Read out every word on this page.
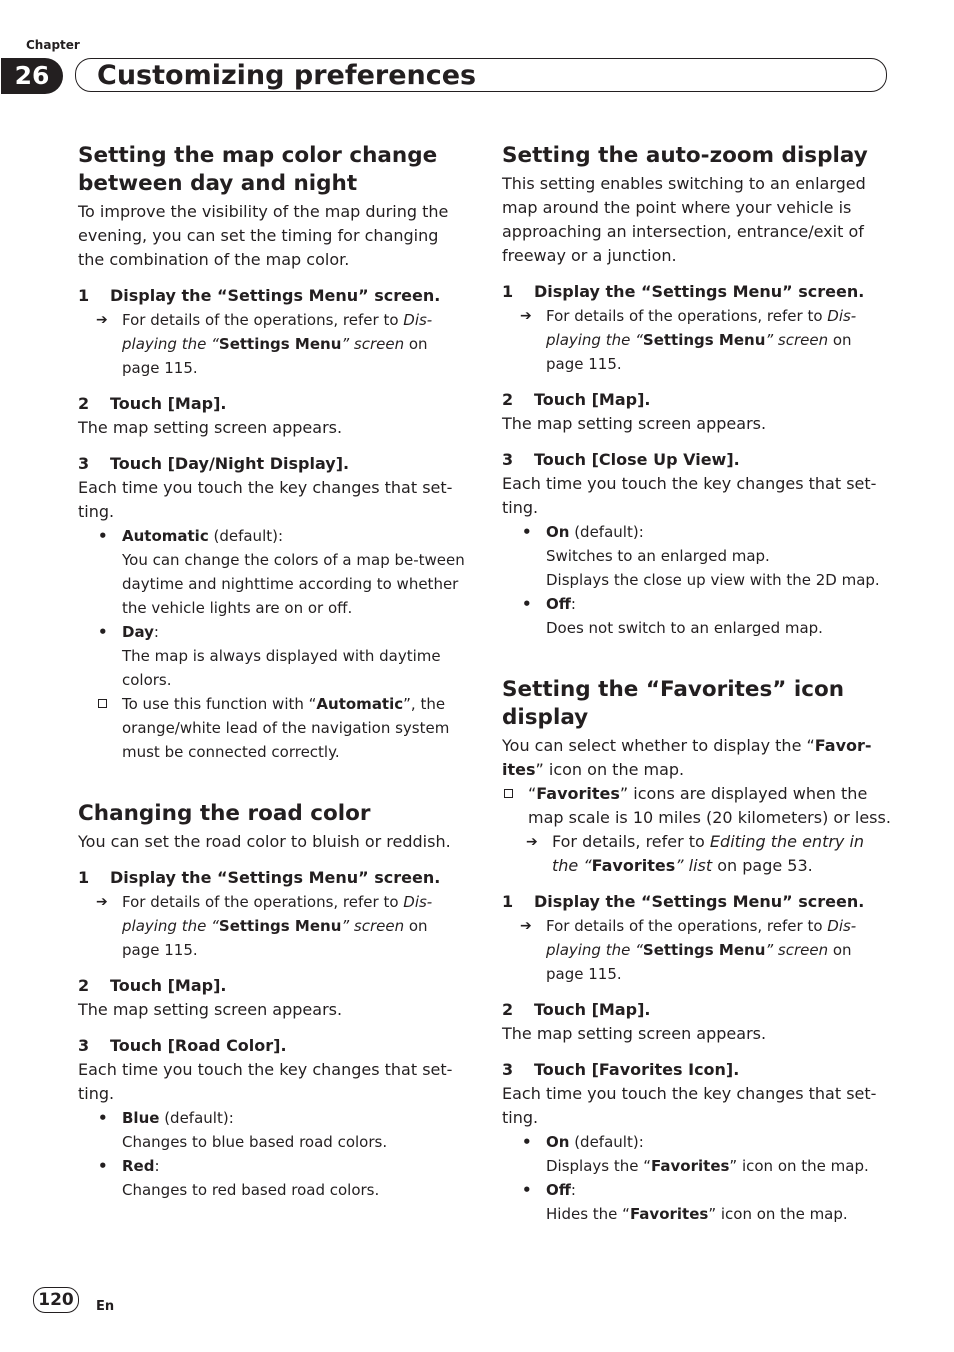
Chapter
26	Customizing preferences
Setting the map color change between day and night

To improve the visibility of the map during the evening, you can set the timing for changing the combination of the map color.

1 Display the “Settings Menu” screen.

➔ For details of the operations, refer to Dis-playing the “Settings Menu” screen on page 115.

2 Touch [Map].

The map setting screen appears.

3 Touch [Day/Night Display].

Each time you touch the key changes that set-ting.

• Automatic (default):

You can change the colors of a map be-tween daytime and nighttime according to whether the vehicle lights are on or off.

• Day:

The map is always displayed with daytime colors.

To use this function with “Automatic”, the orange/white lead of the navigation system must be connected correctly.

Changing the road color

You can set the road color to bluish or reddish.

1 Display the “Settings Menu” screen.

➔ For details of the operations, refer to Dis-playing the “Settings Menu” screen on page 115.

2 Touch [Map].

The map setting screen appears.

3 Touch [Road Color].

Each time you touch the key changes that set-ting.

• Blue (default):

Changes to blue based road colors.

• Red:

Changes to red based road colors.

Setting the auto-zoom display

This setting enables switching to an enlarged map around the point where your vehicle is approaching an intersection, entrance/exit of freeway or a junction.

1 Display the “Settings Menu” screen.

➔ For details of the operations, refer to Dis-playing the “Settings Menu” screen on page 115.

2 Touch [Map].

The map setting screen appears.

3 Touch [Close Up View].

Each time you touch the key changes that set-ting.

• On (default):

Switches to an enlarged map.

Displays the close up view with the 2D map.

• Off:

Does not switch to an enlarged map.

Setting the “Favorites” icon display

You can select whether to display the “Favor-ites” icon on the map.

“Favorites” icons are displayed when the map scale is 10 miles (20 kilometers) or less.

➔ For details, refer to Editing the entry in the “Favorites” list on page 53.

1 Display the “Settings Menu” screen.

➔ For details of the operations, refer to Dis-playing the “Settings Menu” screen on page 115.

2 Touch [Map].

The map setting screen appears.

3 Touch [Favorites Icon].

Each time you touch the key changes that set-ting.

• On (default):

Displays the “Favorites” icon on the map.

• Off:

Hides the “Favorites” icon on the map.

120	En
